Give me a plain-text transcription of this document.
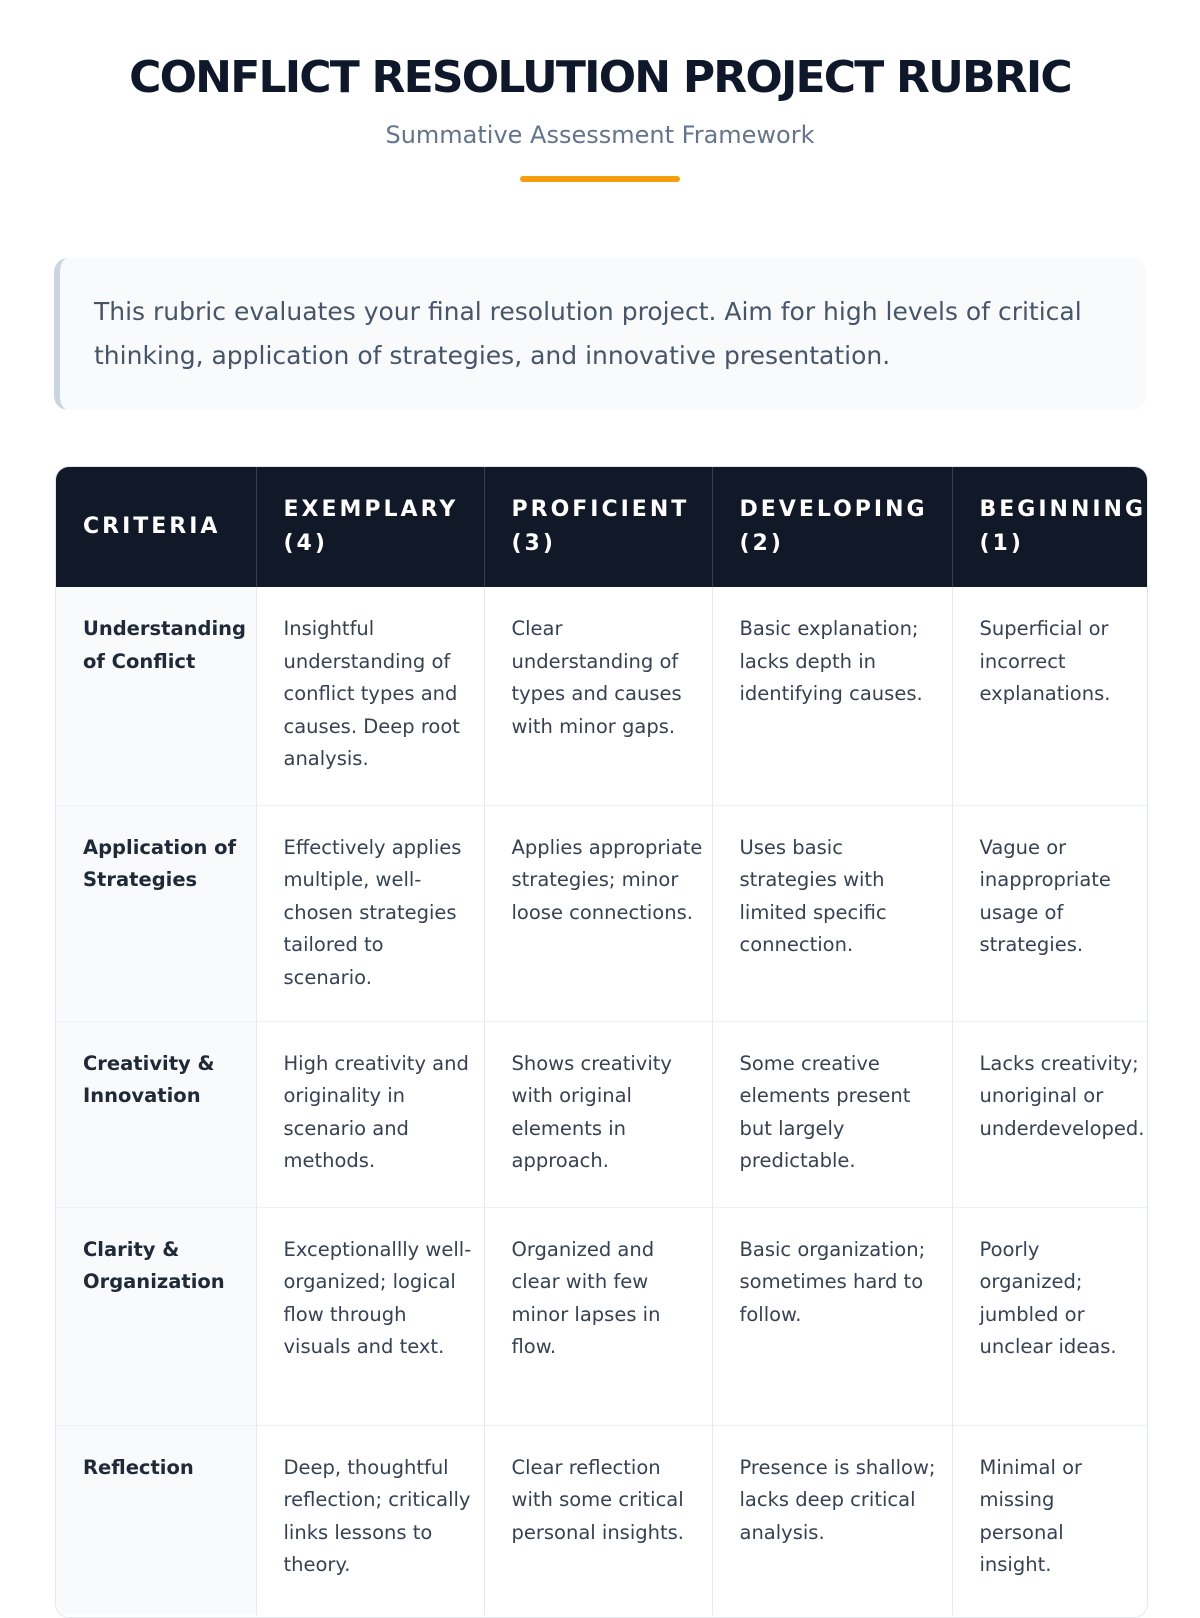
CONFLICT RESOLUTION PROJECT RUBRIC
Summative Assessment Framework

This rubric evaluates your final resolution project. Aim for high levels of critical thinking, application of strategies, and innovative presentation.

CRITERIA	EXEMPLARY (4)	PROFICIENT (3)	DEVELOPING (2)	BEGINNING (1)
Understanding of Conflict	Insightful understanding of conflict types and causes. Deep root analysis.	Clear understanding of types and causes with minor gaps.	Basic explanation; lacks depth in identifying causes.	Superficial or incorrect explanations.
Application of Strategies	Effectively applies multiple, well-chosen strategies tailored to scenario.	Applies appropriate strategies; minor loose connections.	Uses basic strategies with limited specific connection.	Vague or inappropriate usage of strategies.
Creativity & Innovation	High creativity and originality in scenario and methods.	Shows creativity with original elements in approach.	Some creative elements present but largely predictable.	Lacks creativity; unoriginal or underdeveloped.
Clarity & Organization	Exceptionallly well-organized; logical flow through visuals and text.	Organized and clear with few minor lapses in flow.	Basic organization; sometimes hard to follow.	Poorly organized; jumbled or unclear ideas.
Reflection	Deep, thoughtful reflection; critically links lessons to theory.	Clear reflection with some critical personal insights.	Presence is shallow; lacks deep critical analysis.	Minimal or missing personal insight.
